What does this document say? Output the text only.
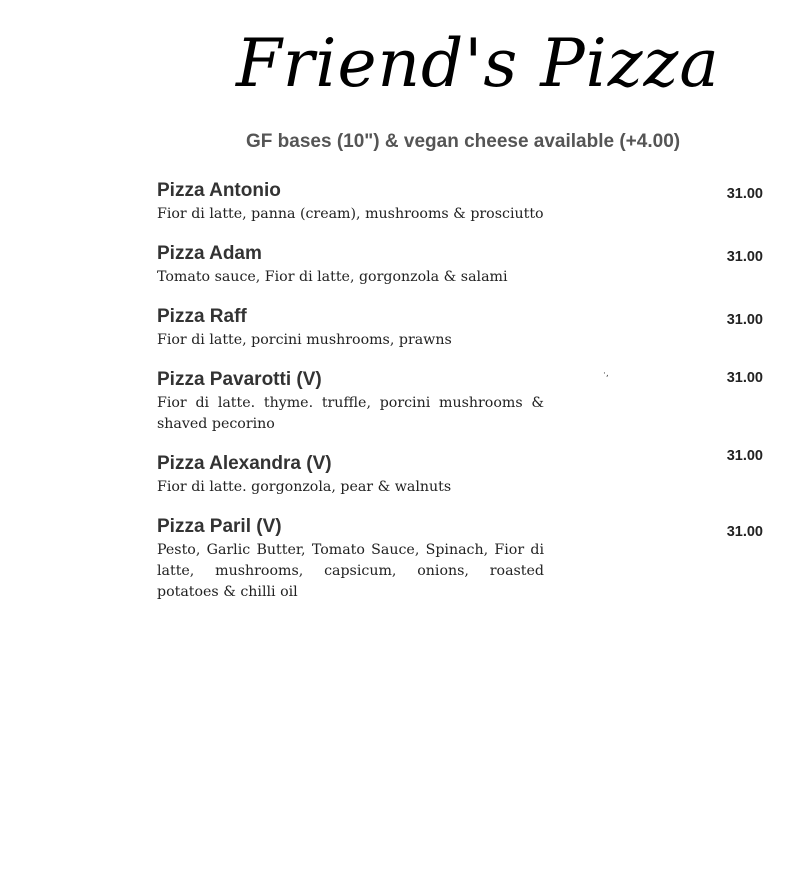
Friend's Pizza
GF bases (10") & vegan cheese available (+4.00)
·,
Pizza Antonio
Fior di latte, panna (cream), mushrooms & prosciutto
31.00
Pizza Adam
Tomato sauce, Fior di latte, gorgonzola & salami
31.00
Pizza Raff
Fior di latte, porcini mushrooms, prawns
31.00
Pizza Pavarotti (V)
Fior di latte. thyme. truffle, porcini mushrooms & shaved pecorino
31.00
Pizza Alexandra (V)
Fior di latte. gorgonzola, pear & walnuts
31.00
Pizza Paril (V)
Pesto, Garlic Butter, Tomato Sauce, Spinach, Fior di latte, mushrooms, capsicum, onions, roasted potatoes & chilli oil
31.00
